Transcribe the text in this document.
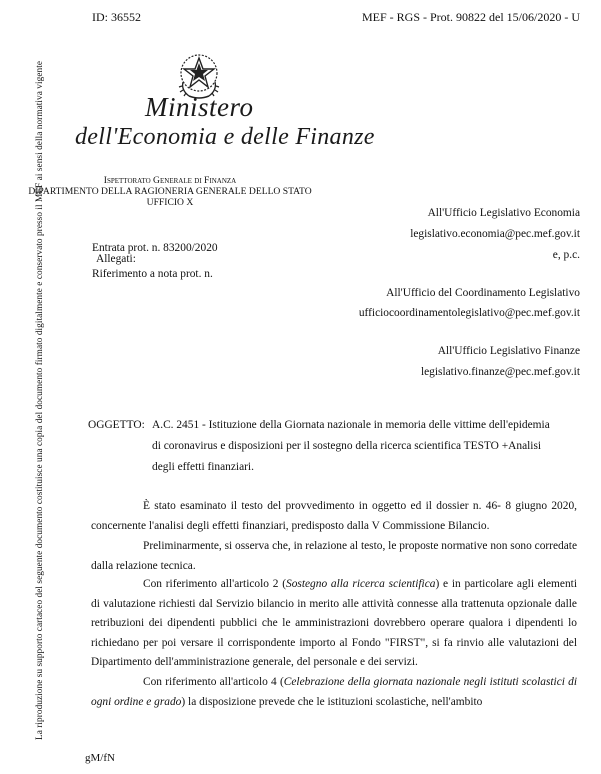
ID: 36552	MEF - RGS - Prot. 90822 del 15/06/2020 - U
Ministero
dell'Economia e delle Finanze
Ispettorato Generale di Finanza
DIPARTIMENTO DELLA RAGIONERIA GENERALE DELLO STATO
UFFICIO X
All'Ufficio Legislativo Economia
legislativo.economia@pec.mef.gov.it
e, p.c.
All'Ufficio del Coordinamento Legislativo
ufficiocoordinamentolegislativo@pec.mef.gov.it
All'Ufficio Legislativo Finanze
legislativo.finanze@pec.mef.gov.it
Entrata prot. n. 83200/2020
Allegati:
Riferimento a nota prot. n.
OGGETTO: A.C. 2451 - Istituzione della Giornata nazionale in memoria delle vittime dell'epidemia
di coronavirus e disposizioni per il sostegno della ricerca scientifica TESTO +Analisi
degli effetti finanziari.

È stato esaminato il testo del provvedimento in oggetto ed il dossier n. 46- 8 giugno 2020, concernente l'analisi degli effetti finanziari, predisposto dalla V Commissione Bilancio.

Preliminarmente, si osserva che, in relazione al testo, le proposte normative non sono corredate dalla relazione tecnica.

Con riferimento all'articolo 2 (Sostegno alla ricerca scientifica) e in particolare agli elementi di valutazione richiesti dal Servizio bilancio in merito alle attività connesse alla trattenuta opzionale dalle retribuzioni dei dipendenti pubblici che le amministrazioni dovrebbero operare qualora i dipendenti lo richiedano per poi versare il corrispondente importo al Fondo "FIRST", si fa rinvio alle valutazioni del Dipartimento dell'amministrazione generale, del personale e dei servizi.

Con riferimento all'articolo 4 (Celebrazione della giornata nazionale negli istituti scolastici di ogni ordine e grado) la disposizione prevede che le istituzioni scolastiche, nell'ambito

La riproduzione su supporto cartaceo del seguente documento costituisce una copia del documento firmato digitalmente e conservato presso il MEF ai sensi della normativa vigente
gM/fN
